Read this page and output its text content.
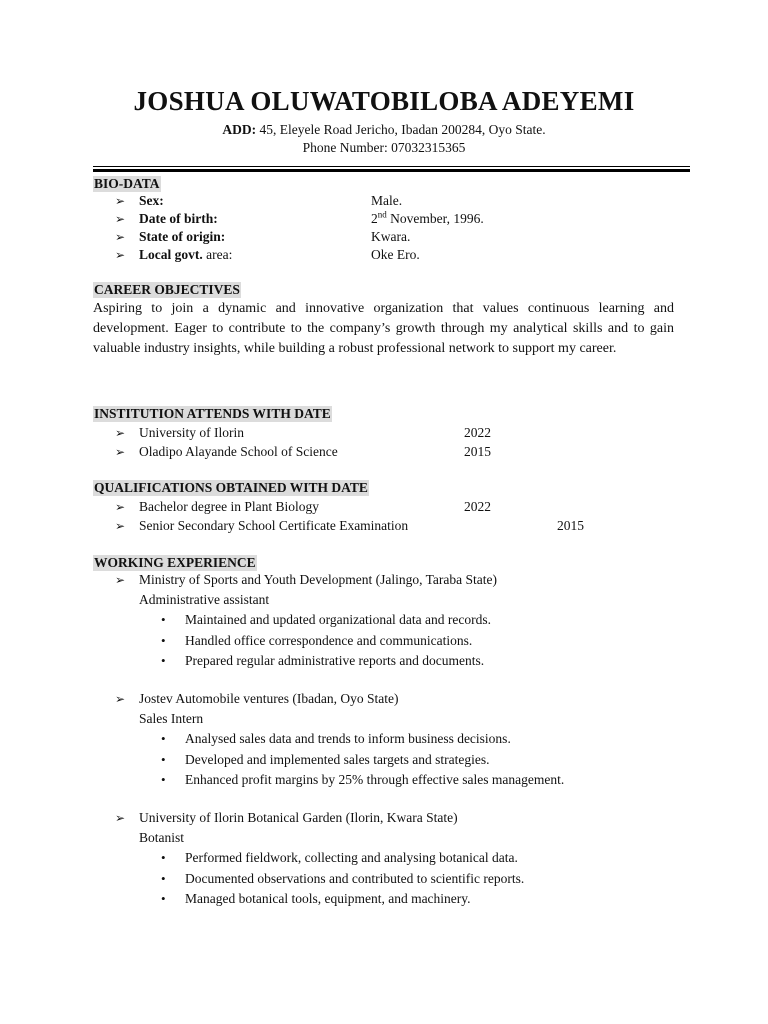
JOSHUA OLUWATOBILOBA ADEYEMI
ADD: 45, Eleyele Road Jericho, Ibadan 200284, Oyo State.
Phone Number: 07032315365
BIO-DATA
➢ Sex:	Male.
➢ Date of birth:	2nd November, 1996.
➢ State of origin:	Kwara.
➢ Local govt. area:	Oke Ero.
CAREER OBJECTIVES
Aspiring to join a dynamic and innovative organization that values continuous learning and development. Eager to contribute to the company’s growth through my analytical skills and to gain valuable industry insights, while building a robust professional network to support my career.
INSTITUTION ATTENDS WITH DATE
➢ University of Ilorin	2022
➢ Oladipo Alayande School of Science	2015
QUALIFICATIONS OBTAINED WITH DATE
➢ Bachelor degree in Plant Biology	2022
➢ Senior Secondary School Certificate Examination	2015
WORKING EXPERIENCE
➢ Ministry of Sports and Youth Development (Jalingo, Taraba State)
Administrative assistant
• Maintained and updated organizational data and records.
• Handled office correspondence and communications.
• Prepared regular administrative reports and documents.
➢ Jostev Automobile ventures (Ibadan, Oyo State)
Sales Intern
• Analysed sales data and trends to inform business decisions.
• Developed and implemented sales targets and strategies.
• Enhanced profit margins by 25% through effective sales management.
➢ University of Ilorin Botanical Garden (Ilorin, Kwara State)
Botanist
• Performed fieldwork, collecting and analysing botanical data.
• Documented observations and contributed to scientific reports.
• Managed botanical tools, equipment, and machinery.
